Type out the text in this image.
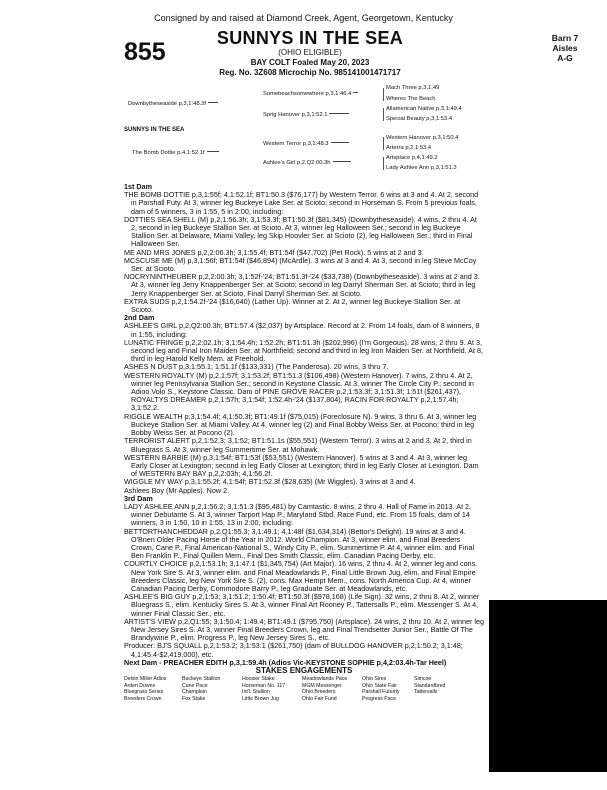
Consigned by and raised at Diamond Creek, Agent, Georgetown, Kentucky
855	SUNNYS IN THE SEA
(OHIO ELIGIBLE)
BAY COLT Foaled May 20, 2023
Reg. No. 3Z608 Microchip No. 985141001471717
Barn 7
Aisles
A-G
Downbytheseaside p,3,1:48.3f
Somebeachsomewhere p,3,1:46.4
Sprig Hanover p,3,1:52.1
Mach Three p,3,1:49
Wheres The Beach
Allamerican Native p,3,1:49.4
Special Beauty p,3,1:53.4
SUNNYS IN THE SEA
The Bomb Dottie p,4,1:52.1f
Western Terror p,3,1:48.3
Ashlee's Girl p,2,Q2:00.3h
Western Hanover p,3,1:50.4
Arterra p,2,1:53.4
Artsplace p,4,1:49.2
Lady Ashlee Ann p,3,1:51.3

1st Dam

THE BOMB DOTTIE p,3,1:55f; 4,1:52.1f; BT1:50.3 ($76,177) by Western Terror. 6 wins at 3 and 4. At 2, second in Parshall Futy. At 3, winner leg Buckeye Lake Ser. at Scioto; second in Horseman S. From 5 previous foals, dam of 5 winners, 3 in 1:55, 5 in 2:00, including:

DOTTIES SEA SHELL (M) p,2,1:56.3h; 3,1:53.3f; BT1:50.3f ($81,345) (Downbytheseaside). 4 wins, 2 thru 4. At 2, second in leg Buckeye Stallion Ser. at Scioto. At 3, winner leg Halloween Ser.; second in leg Buckeye Stallion Ser. at Delaware, Miami Valley, leg Skip Hoovler Ser. at Scioto (2), leg Halloween Ser.; third in Final Halloween Ser.

ME AND MRS JONES p,2,2:06.3h; 3,1:55.4f; BT1:54f ($47,702) (Pet Rock). 5 wins at 2 and 3.

MCSCUSE ME (M) p,3,1:56f; BT1:54f ($46,894) (McArdle). 3 wins at 3 and 4. At 3, second in leg Steve McCoy Ser. at Scioto.

NOCRYNINTHEUBER p,2,2:00.3h; 3,1:52f-'24; BT1:51.3f-'24 ($33,738) (Downbytheseaside). 3 wins at 2 and 3. At 3, winner leg Jerry Knappenberger Ser. at Scioto; second in leg Darryl Sherman Ser. at Scioto; third in leg Jerry Knappenberger Ser. at Scioto, Final Darryl Sherman Ser. at Scioto.

EXTRA SUDS p,2,1:54.2f-'24 ($16,640) (Lather Up). Winner at 2. At 2, winner leg Buckeye Stallion Ser. at Scioto.

2nd Dam

ASHLEE'S GIRL p,2,Q2:00.3h; BT1:57.4 ($2,037) by Artsplace. Record at 2. From 14 foals, dam of 8 winners, 8 in 1:55, including:

LUNATIC FRINGE p,2,2:02.1h; 3,1:54.4h; 1:52.2h; BT1:51.3h ($202,996) (I'm Gorgeous). 28 wins, 2 thru 9. At 3, second leg and Final Iron Maiden Ser. at Northfield; second and third in leg Iron Maiden Ser. at Northfield. At 8, third in leg Harold Kelly Mem. at Freehold.

ASHES N DUST p,3,1:55.1; 1:51.1f ($133,331) (The Panderosa). 20 wins, 3 thru 7.

WESTERN ROYALTY (M) p,2,1:57f; 3,1:53.2f; BT1:51.3 ($106,498) (Western Hanover). 7 wins, 2 thru 4. At 2, winner leg Pennsylvania Stallion Ser.; second in Keystone Classic. At 3, winner The Circle City P.; second in Adioo Volo S., Keystone Classic. Dam of PINE GROVE RACER p,2,1:53.3f; 3,1:51.3f; 1:51f ($261,437), ROYALTYS DREAMER p,2,1:57h; 3,1:54f; 1:52.4h-'24 ($137,804), RACIN FOR ROYALTY p,2,1:57.4h; 3,1:52.2.

RIGGLE WEALTH p,3,1:54.4f; 4,1:50.3f; BT1:49.1f ($75,015) (Foreclosure N). 9 wins, 3 thru 6. At 3, winner leg Buckeye Stallion Ser. at Miami Valley. At 4, winner leg (2) and Final Bobby Weiss Ser. at Pocono; third in leg Bobby Weiss Ser. at Pocono (2).

TERRORIST ALERT p,2,1:52.3; 3,1:52; BT1:51.1s ($55,551) (Western Terror). 3 wins at 2 and 3. At 2, third in Bluegrass S. At 3, winner leg Summertime Ser. at Mohawk.

WESTERN BARBIE (M) p,3,1:54f; BT1:53f ($53,551) (Western Hanover). 5 wins at 3 and 4. At 3, winner leg Early Closer at Lexington; second in leg Early Closer at Lexington; third in leg Early Closer at Lexington. Dam of WESTERN BAY BAY p,2,2:03h; 4,1:56.2f.

WIGGLE MY WAY p,3,1:55.2f; 4,1:54f; BT1:52.3f ($28,635) (Mr Wiggles). 3 wins at 3 and 4.

Ashlees Boy (Mr Apples). Now 2.

3rd Dam

LADY ASHLEE ANN p,2,1:56.2; 3,1:51.3 ($95,481) by Camtastic. 8 wins, 2 thru 4. Hall of Fame in 2013. At 2, winner Debutante S. At 3, winner Tarport Hap P., Maryland Stbd. Race Fund, etc. From 15 foals, dam of 14 winners, 3 in 1:50, 10 in 1:55, 13 in 2:00, including:

BETTORTHANCHEDDAR p,2,Q1:55.3; 3,1:49.1; 4,1:48f ($1,634,314) (Bettor's Delight). 19 wins at 3 and 4. O'Brien Older Pacing Horse of the Year in 2012. World Champion. At 3, winner elim. and Final Breeders Crown, Cane P., Final American-National S., Windy City P., elim. Summertime P. At 4, winner elim. and Final Ben Franklin P., Final Quillen Mem., Final Des Smith Classic, elim. Canadian Pacing Derby, etc.

COURTLY CHOICE p,2,1:53.1h; 3,1:47.1 ($1,345,754) (Art Major). 16 wins, 2 thru 4. At 2, winner leg and cons. New York Sire S. At 3, winner elim. and Final Meadowlands P., Final Little Brown Jug, elim. and Final Empire Breeders Classic, leg New York Sire S. (2), cons. Max Hempt Mem., cons. North America Cup. At 4, winner Canadian Pacing Derby, Commodore Barry P., leg Graduate Ser. at Meadowlands, etc.

ASHLEE'S BIG GUY p,2,1:53; 3,1:51.2; 1:50.4f; BT1:50.3f ($978,168) (Life Sign). 32 wins, 2 thru 8. At 2, winner Bluegrass S., elim. Kentucky Sires S. At 3, winner Final Art Rooney P., Tattersalls P., elim. Messenger S. At 4, winner Final Classic Ser., etc.

ARTIST'S VIEW p,2,Q1:55; 3,1:50.4; 1:49.4; BT1:49.1 ($795,750) (Artsplace). 24 wins, 2 thru 10. At 2, winner leg New Jersey Sires S. At 3, winner Final Breeders Crown, leg and Final Trendsetter Junior Ser., Battle Of The Brandywine P., elim. Progress P., leg New Jersey Sires S., etc.

Producer: BJ'S SQUALL p,2,1:53.2; 3,1:53.1 ($261,750) (dam of BULLDOG HANOVER p,2,1:50.2; 3,1:48; 4,1:45.4-$2,419,000), etc.

Next Dam - PREACHER EDITH p,3,1:59.4h (Adios Vic-KEYSTONE SOPHIE p,4,2:03.4h-Tar Heel)

STAKES ENGAGEMENTS
Delvin Miller Adios	Buckeye Stallion	Hoosier Stake	Meadowlands Pace	Ohio Sires	Simcoe
Arden Downs	Cane Pace	Horseman No. 117	MGM Messenger	Ohio State Fair	Standardbred
Bluegrass Series	Champlain	Int'l. Stallion	Ohio Breeders	Parshall Futurity	Tattersalls
Breeders Crown	Fox Stake	Little Brown Jug	Ohio Fair Fund	Progress Pace
